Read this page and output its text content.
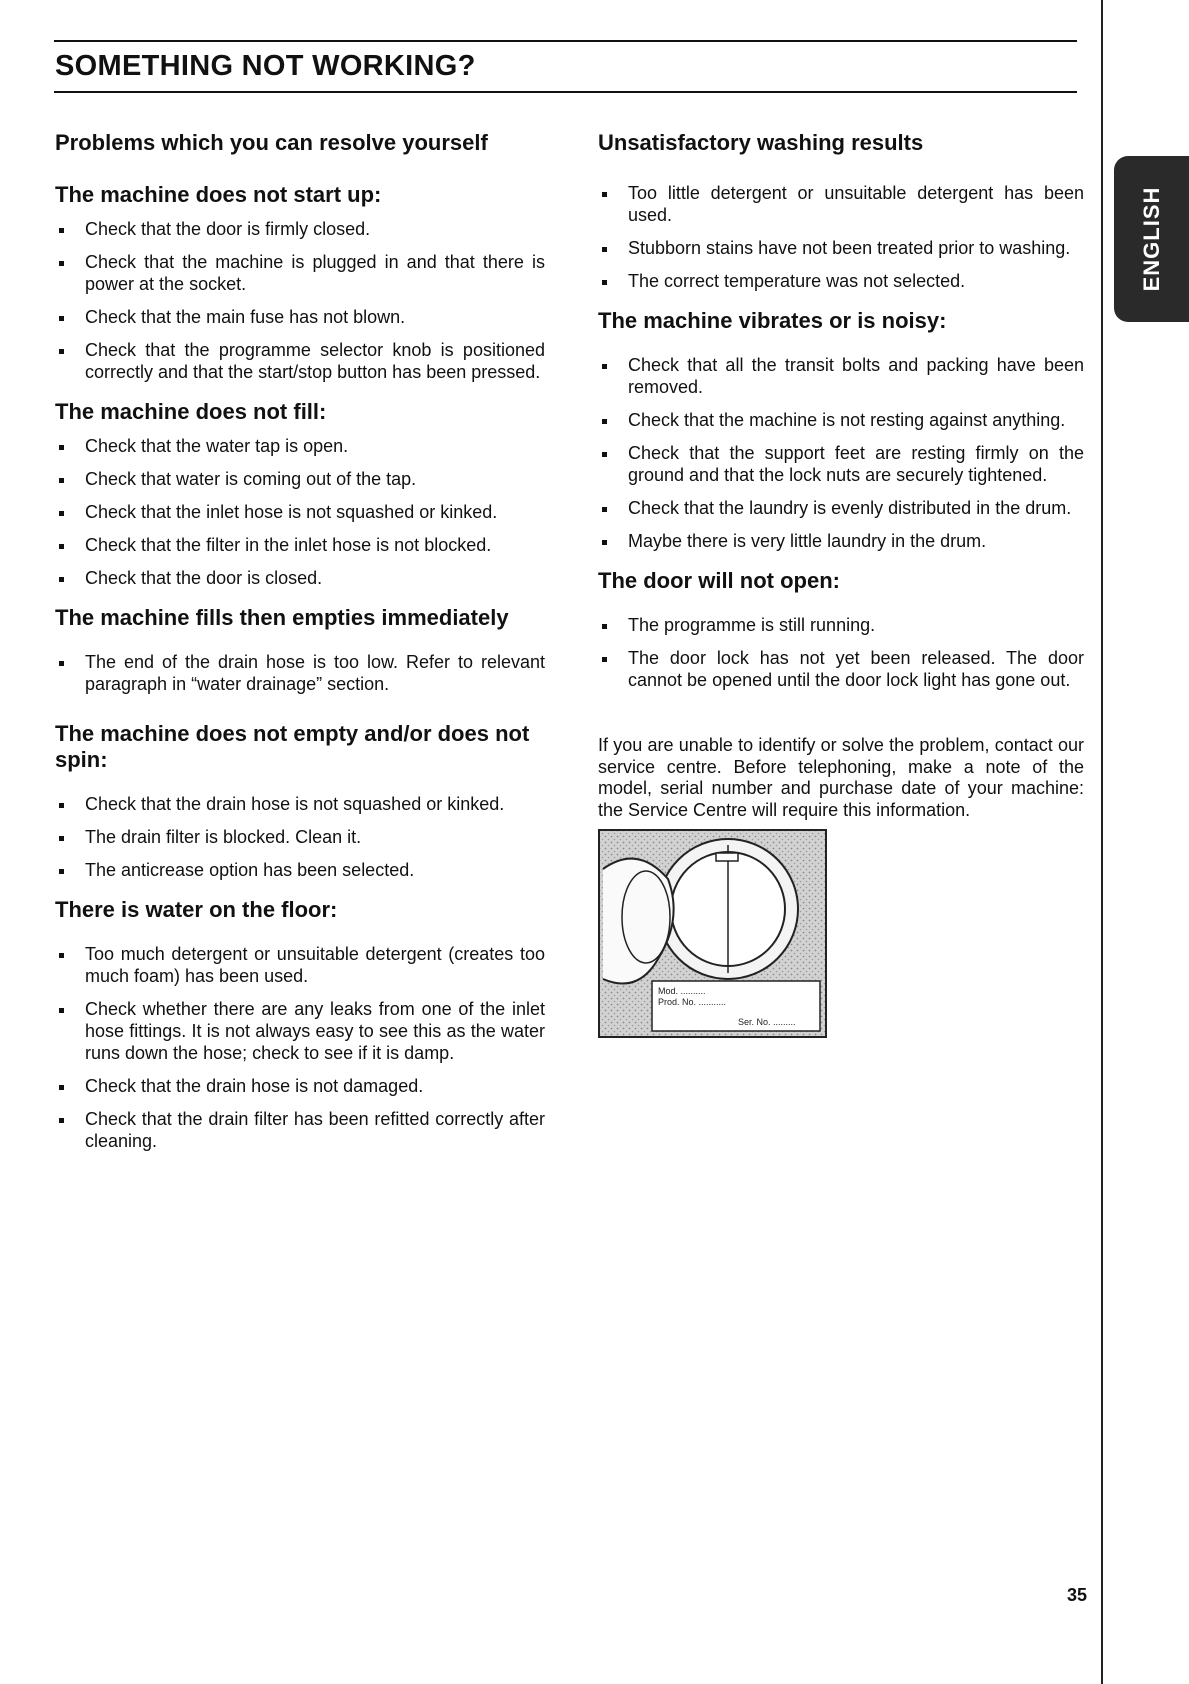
SOMETHING NOT WORKING?
ENGLISH
Problems which you can resolve yourself
The machine does not start up:
Check that the door is firmly closed.
Check that the machine is plugged in and that there is power at the socket.
Check that the main fuse has not blown.
Check that the programme selector knob is positioned correctly and that the start/stop button has been pressed.
The machine does not fill:
Check that the water tap is open.
Check that water is coming out of the tap.
Check that the inlet hose is not squashed or kinked.
Check that the filter in the inlet hose is not blocked.
Check that the door is closed.
The machine fills then empties immediately
The end of the drain hose is too low. Refer to relevant paragraph in “water drainage” section.
The machine does not empty and/or does not spin:
Check that the drain hose is not squashed or kinked.
The drain filter is blocked. Clean it.
The anticrease option has been selected.
There is water on the floor:
Too much detergent or unsuitable detergent (creates too much foam) has been used.
Check whether there are any leaks from one of the inlet hose fittings. It is not always easy to see this as the water runs down the hose; check to see if it is damp.
Check that the drain hose is not damaged.
Check that the drain filter has been refitted correctly after cleaning.
Unsatisfactory washing results
Too little detergent or unsuitable detergent has been used.
Stubborn stains have not been treated prior to washing.
The correct temperature was not selected.
The machine vibrates or is noisy:
Check that all the transit bolts and packing have been removed.
Check that the machine is not resting against anything.
Check that the support feet are resting firmly on the ground and that the lock nuts are securely tightened.
Check that the laundry is evenly distributed in the drum.
Maybe there is very little laundry in the drum.
The door will not open:
The programme is still running.
The door lock has not yet been released. The door cannot be opened until the door lock light has gone out.

If you are unable to identify or solve the problem, contact our service centre. Before telephoning, make a note of the model, serial number and purchase date of your machine: the Service Centre will require this information.

Mod. ..........
Prod. No. ...........
Ser. No. .........
35
